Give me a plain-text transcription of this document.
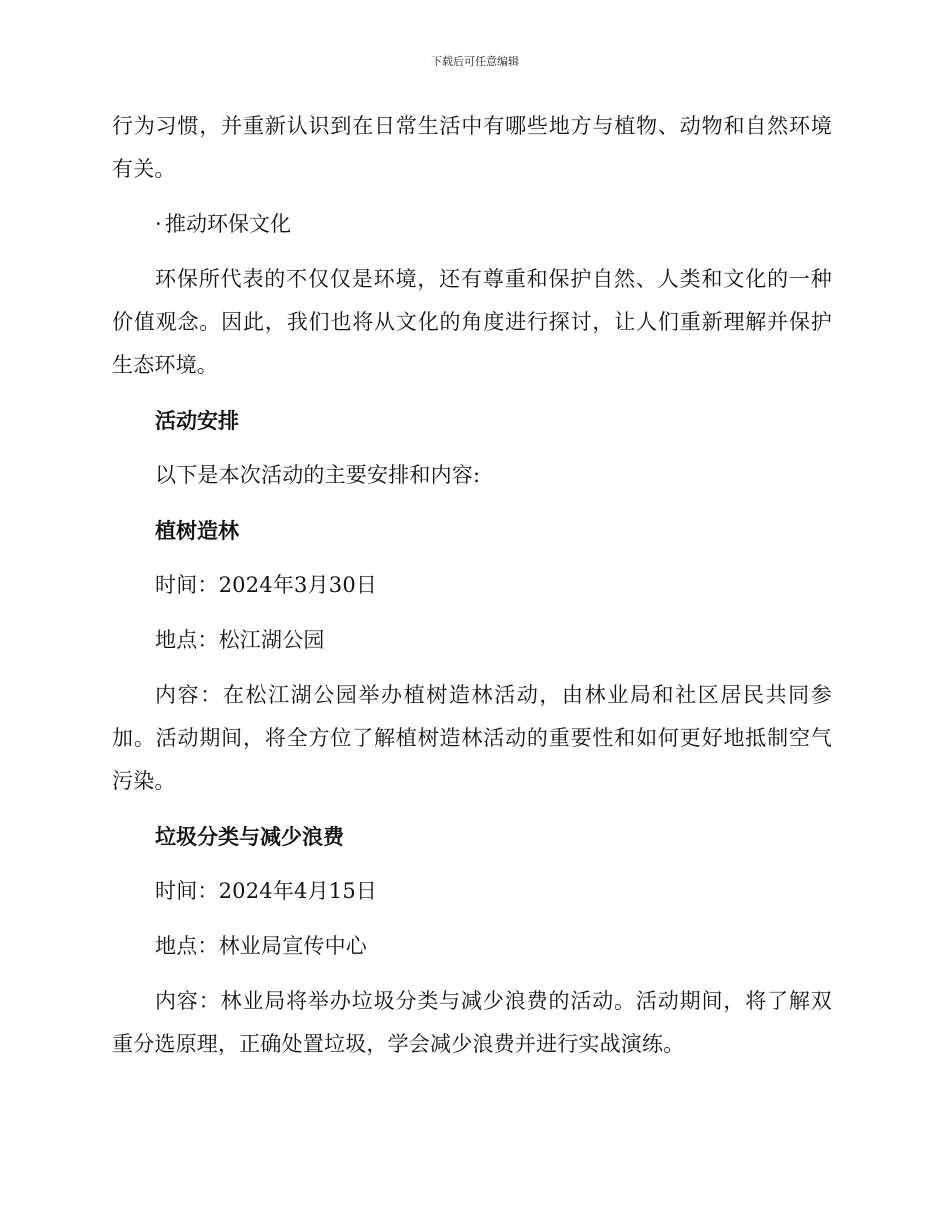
下载后可任意编辑

行为习惯，并重新认识到在日常生活中有哪些地方与植物、动物和自然环境有关。

· 推动环保文化

环保所代表的不仅仅是环境，还有尊重和保护自然、人类和文化的一种价值观念。因此，我们也将从文化的角度进行探讨，让人们重新理解并保护生态环境。

活动安排

以下是本次活动的主要安排和内容:

植树造林

时间：2024年3月30日

地点：松江湖公园

内容：在松江湖公园举办植树造林活动，由林业局和社区居民共同参加。活动期间，将全方位了解植树造林活动的重要性和如何更好地抵制空气污染。

垃圾分类与减少浪费

时间：2024年4月15日

地点：林业局宣传中心

内容：林业局将举办垃圾分类与减少浪费的活动。活动期间，将了解双重分选原理，正确处置垃圾，学会减少浪费并进行实战演练。
